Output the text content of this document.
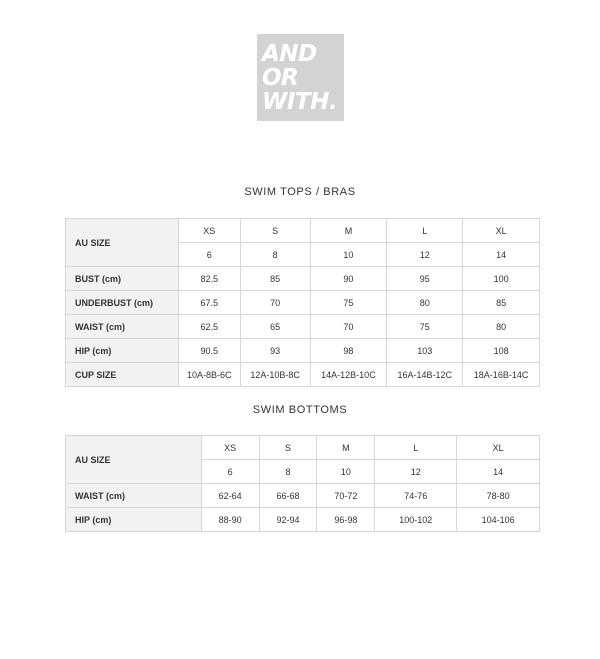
AND
OR
WITH.
SWIM TOPS / BRAS
AU SIZE	XS	S	M	L	XL
	6	8	10	12	14
BUST (cm)	82.5	85	90	95	100
UNDERBUST (cm)	67.5	70	75	80	85
WAIST (cm)	62.5	65	70	75	80
HIP (cm)	90.5	93	98	103	108
CUP SIZE	10A-8B-6C	12A-10B-8C	14A-12B-10C	16A-14B-12C	18A-16B-14C
SWIM BOTTOMS
AU SIZE	XS	S	M	L	XL
	6	8	10	12	14
WAIST (cm)	62-64	66-68	70-72	74-76	78-80
HIP (cm)	88-90	92-94	96-98	100-102	104-106
